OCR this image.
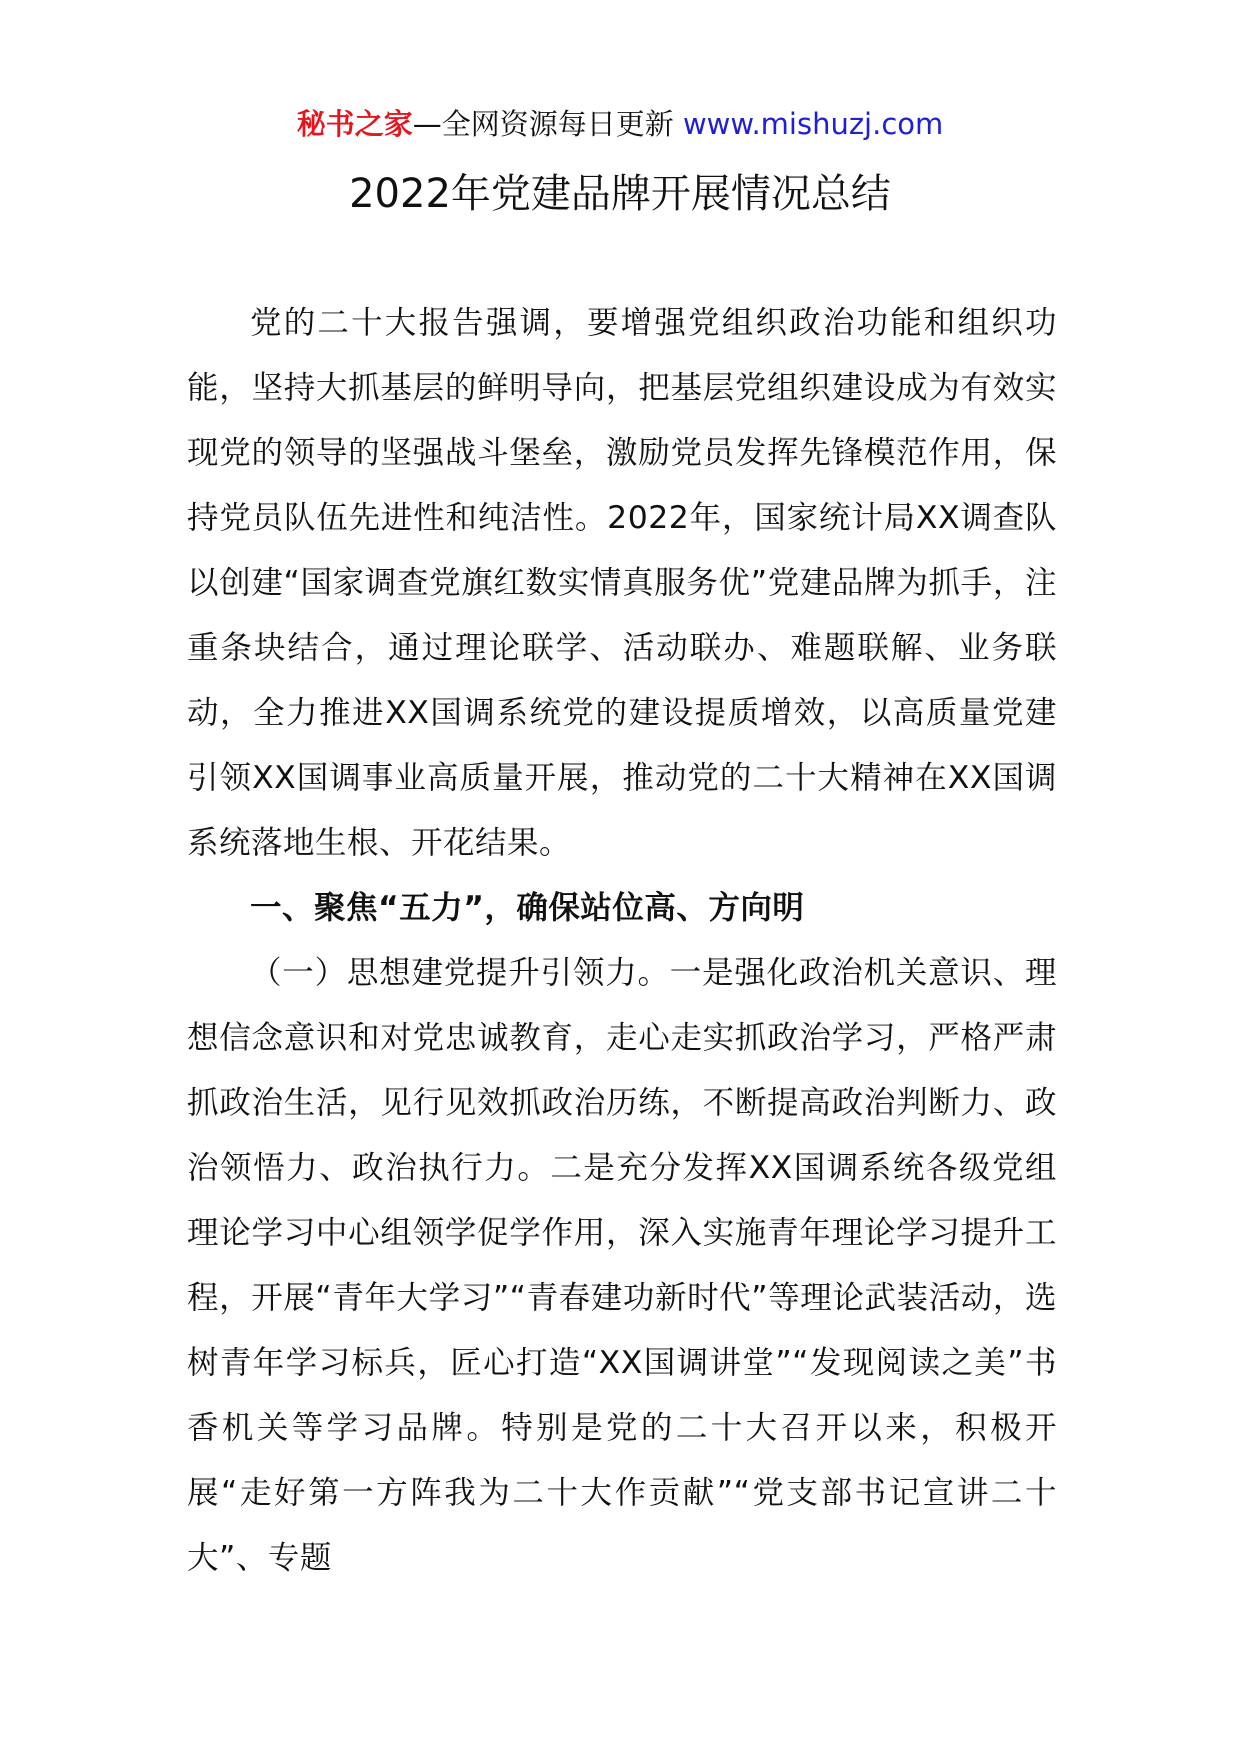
秘书之家—全网资源每日更新 www.mishuzj.com
2022年党建品牌开展情况总结

党的二十大报告强调，要增强党组织政治功能和组织功能，坚持大抓基层的鲜明导向，把基层党组织建设成为有效实现党的领导的坚强战斗堡垒，激励党员发挥先锋模范作用，保持党员队伍先进性和纯洁性。2022年，国家统计局XX调查队以创建“国家调查党旗红数实情真服务优”党建品牌为抓手，注重条块结合，通过理论联学、活动联办、难题联解、业务联动，全力推进XX国调系统党的建设提质增效，以高质量党建引领XX国调事业高质量开展，推动党的二十大精神在XX国调系统落地生根、开花结果。

一、聚焦“五力”，确保站位高、方向明

（一）思想建党提升引领力。一是强化政治机关意识、理想信念意识和对党忠诚教育，走心走实抓政治学习，严格严肃抓政治生活，见行见效抓政治历练，不断提高政治判断力、政治领悟力、政治执行力。二是充分发挥XX国调系统各级党组理论学习中心组领学促学作用，深入实施青年理论学习提升工程，开展“青年大学习”“青春建功新时代”等理论武装活动，选树青年学习标兵，匠心打造“XX国调讲堂”“发现阅读之美”书香机关等学习品牌。特别是党的二十大召开以来，积极开展“走好第一方阵我为二十大作贡献”“党支部书记宣讲二十大”、专题
